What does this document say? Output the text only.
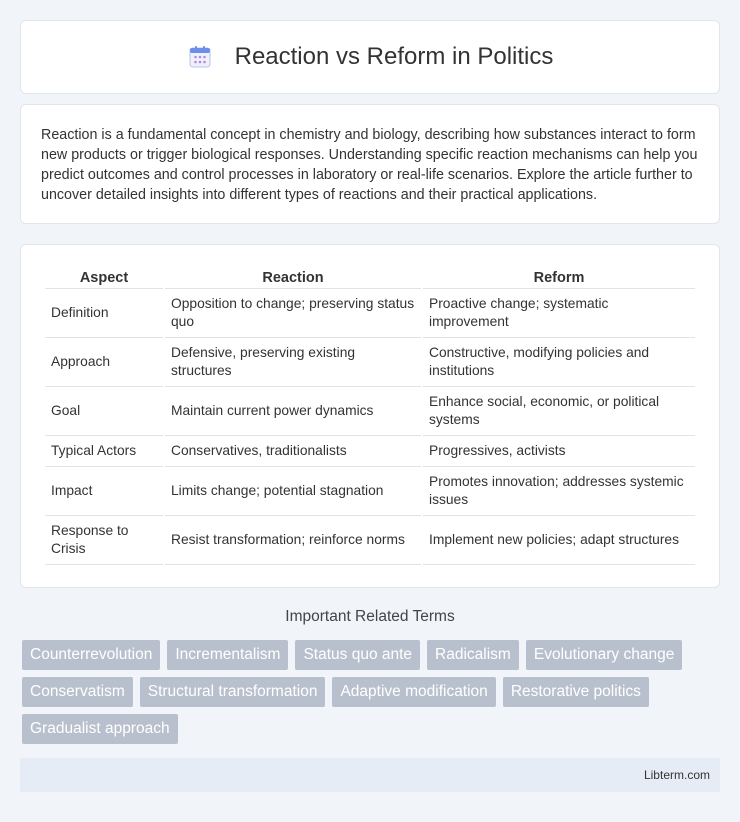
Reaction vs Reform in Politics

Reaction is a fundamental concept in chemistry and biology, describing how substances interact to form new products or trigger biological responses. Understanding specific reaction mechanisms can help you predict outcomes and control processes in laboratory or real-life scenarios. Explore the article further to uncover detailed insights into different types of reactions and their practical applications.

Aspect	Reaction	Reform
Definition	Opposition to change; preserving status quo	Proactive change; systematic improvement
Approach	Defensive, preserving existing structures	Constructive, modifying policies and institutions
Goal	Maintain current power dynamics	Enhance social, economic, or political systems
Typical Actors	Conservatives, traditionalists	Progressives, activists
Impact	Limits change; potential stagnation	Promotes innovation; addresses systemic issues
Response to Crisis	Resist transformation; reinforce norms	Implement new policies; adapt structures
Important Related Terms
Counterrevolution	Incrementalism	Status quo ante	Radicalism	Evolutionary change
Conservatism	Structural transformation	Adaptive modification	Restorative politics
Gradualist approach
Libterm.com
